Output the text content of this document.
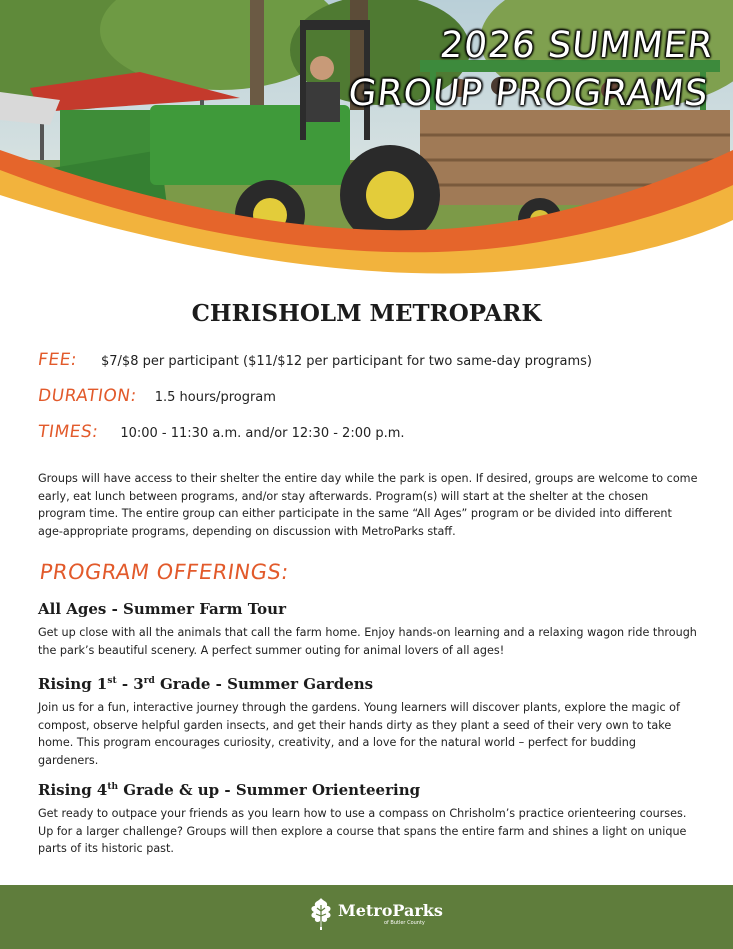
2026 SUMMER
GROUP PROGRAMS
CHRISHOLM METROPARK
FEE: $7/$8 per participant ($11/$12 per participant for two same-day programs)
DURATION: 1.5 hours/program
TIMES: 10:00 - 11:30 a.m. and/or 12:30 - 2:00 p.m.
Groups will have access to their shelter the entire day while the park is open. If desired, groups are welcome to come early, eat lunch between programs, and/or stay afterwards. Program(s) will start at the shelter at the chosen program time. The entire group can either participate in the same “All Ages” program or be divided into different age-appropriate programs, depending on discussion with MetroParks staff.
PROGRAM OFFERINGS:
All Ages - Summer Farm Tour
Get up close with all the animals that call the farm home. Enjoy hands-on learning and a relaxing wagon ride through the park’s beautiful scenery. A perfect summer outing for animal lovers of all ages!
Rising 1st - 3rd Grade - Summer Gardens
Join us for a fun, interactive journey through the gardens. Young learners will discover plants, explore the magic of compost, observe helpful garden insects, and get their hands dirty as they plant a seed of their very own to take home. This program encourages curiosity, creativity, and a love for the natural world – perfect for budding gardeners.
Rising 4th Grade & up - Summer Orienteering
Get ready to outpace your friends as you learn how to use a compass on Chrisholm’s practice orienteering courses. Up for a larger challenge? Groups will then explore a course that spans the entire farm and shines a light on unique parts of its historic past.
MetroParks
of Butler County
